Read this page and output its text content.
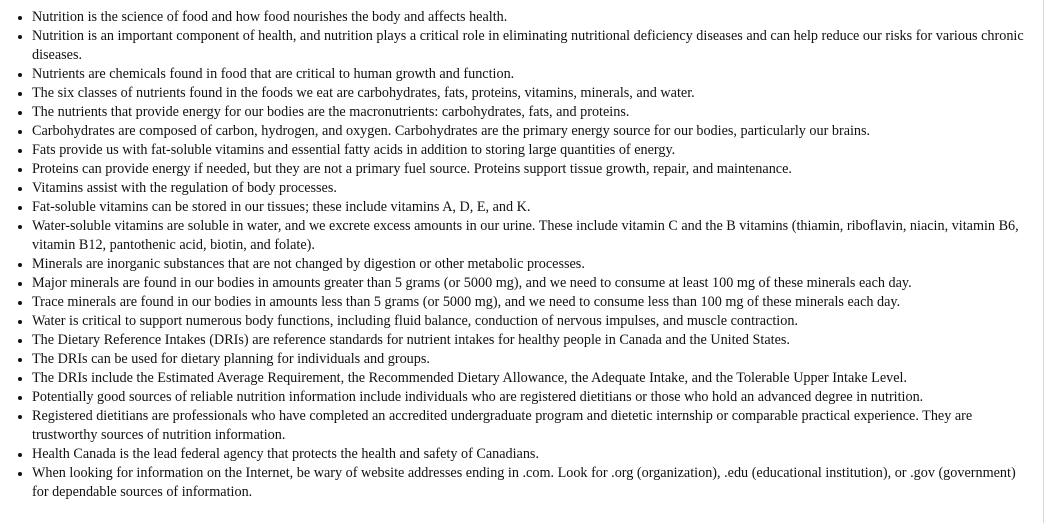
• Nutrition is the science of food and how food nourishes the body and affects health.
• Nutrition is an important component of health, and nutrition plays a critical role in eliminating nutritional deficiency diseases and can help reduce our risks for various chronic diseases.
• Nutrients are chemicals found in food that are critical to human growth and function.
• The six classes of nutrients found in the foods we eat are carbohydrates, fats, proteins, vitamins, minerals, and water.
• The nutrients that provide energy for our bodies are the macronutrients: carbohydrates, fats, and proteins.
• Carbohydrates are composed of carbon, hydrogen, and oxygen. Carbohydrates are the primary energy source for our bodies, particularly our brains.
• Fats provide us with fat-soluble vitamins and essential fatty acids in addition to storing large quantities of energy.
• Proteins can provide energy if needed, but they are not a primary fuel source. Proteins support tissue growth, repair, and maintenance.
• Vitamins assist with the regulation of body processes.
• Fat-soluble vitamins can be stored in our tissues; these include vitamins A, D, E, and K.
• Water-soluble vitamins are soluble in water, and we excrete excess amounts in our urine. These include vitamin C and the B vitamins (thiamin, riboflavin, niacin, vitamin B6, vitamin B12, pantothenic acid, biotin, and folate).
• Minerals are inorganic substances that are not changed by digestion or other metabolic processes.
• Major minerals are found in our bodies in amounts greater than 5 grams (or 5000 mg), and we need to consume at least 100 mg of these minerals each day.
• Trace minerals are found in our bodies in amounts less than 5 grams (or 5000 mg), and we need to consume less than 100 mg of these minerals each day.
• Water is critical to support numerous body functions, including fluid balance, conduction of nervous impulses, and muscle contraction.
• The Dietary Reference Intakes (DRIs) are reference standards for nutrient intakes for healthy people in Canada and the United States.
• The DRIs can be used for dietary planning for individuals and groups.
• The DRIs include the Estimated Average Requirement, the Recommended Dietary Allowance, the Adequate Intake, and the Tolerable Upper Intake Level.
• Potentially good sources of reliable nutrition information include individuals who are registered dietitians or those who hold an advanced degree in nutrition.
• Registered dietitians are professionals who have completed an accredited undergraduate program and dietetic internship or comparable practical experience. They are trustworthy sources of nutrition information.
• Health Canada is the lead federal agency that protects the health and safety of Canadians.
• When looking for information on the Internet, be wary of website addresses ending in .com. Look for .org (organization), .edu (educational institution), or .gov (government) for dependable sources of information.
